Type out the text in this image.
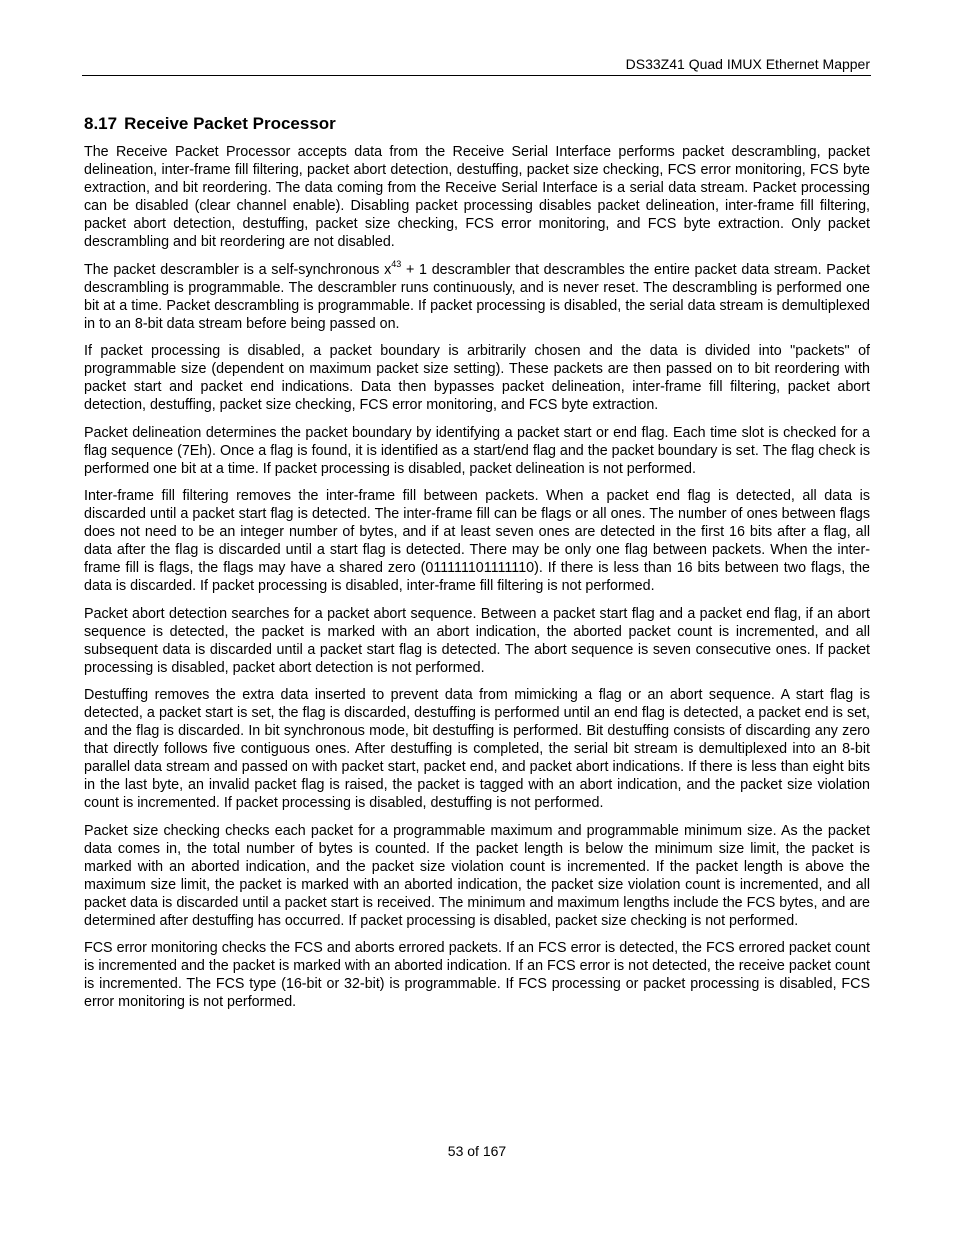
DS33Z41 Quad IMUX Ethernet Mapper
8.17 Receive Packet Processor

The Receive Packet Processor accepts data from the Receive Serial Interface performs packet descrambling, packet delineation, inter-frame fill filtering, packet abort detection, destuffing, packet size checking, FCS error monitoring, FCS byte extraction, and bit reordering. The data coming from the Receive Serial Interface is a serial data stream. Packet processing can be disabled (clear channel enable). Disabling packet processing disables packet delineation, inter-frame fill filtering, packet abort detection, destuffing, packet size checking, FCS error monitoring, and FCS byte extraction. Only packet descrambling and bit reordering are not disabled.

The packet descrambler is a self-synchronous $x^{43} + 1$ descrambler that descrambles the entire packet data stream. Packet descrambling is programmable. The descrambler runs continuously, and is never reset. The descrambling is performed one bit at a time. Packet descrambling is programmable. If packet processing is disabled, the serial data stream is demultiplexed in to an 8-bit data stream before being passed on.

If packet processing is disabled, a packet boundary is arbitrarily chosen and the data is divided into "packets" of programmable size (dependent on maximum packet size setting). These packets are then passed on to bit reordering with packet start and packet end indications. Data then bypasses packet delineation, inter-frame fill filtering, packet abort detection, destuffing, packet size checking, FCS error monitoring, and FCS byte extraction.

Packet delineation determines the packet boundary by identifying a packet start or end flag. Each time slot is checked for a flag sequence (7Eh). Once a flag is found, it is identified as a start/end flag and the packet boundary is set. The flag check is performed one bit at a time. If packet processing is disabled, packet delineation is not performed.

Inter-frame fill filtering removes the inter-frame fill between packets. When a packet end flag is detected, all data is discarded until a packet start flag is detected. The inter-frame fill can be flags or all ones. The number of ones between flags does not need to be an integer number of bytes, and if at least seven ones are detected in the first 16 bits after a flag, all data after the flag is discarded until a start flag is detected. There may be only one flag between packets. When the inter-frame fill is flags, the flags may have a shared zero (011111101111110). If there is less than 16 bits between two flags, the data is discarded. If packet processing is disabled, inter-frame fill filtering is not performed.

Packet abort detection searches for a packet abort sequence. Between a packet start flag and a packet end flag, if an abort sequence is detected, the packet is marked with an abort indication, the aborted packet count is incremented, and all subsequent data is discarded until a packet start flag is detected. The abort sequence is seven consecutive ones. If packet processing is disabled, packet abort detection is not performed.

Destuffing removes the extra data inserted to prevent data from mimicking a flag or an abort sequence. A start flag is detected, a packet start is set, the flag is discarded, destuffing is performed until an end flag is detected, a packet end is set, and the flag is discarded. In bit synchronous mode, bit destuffing is performed. Bit destuffing consists of discarding any zero that directly follows five contiguous ones. After destuffing is completed, the serial bit stream is demultiplexed into an 8-bit parallel data stream and passed on with packet start, packet end, and packet abort indications. If there is less than eight bits in the last byte, an invalid packet flag is raised, the packet is tagged with an abort indication, and the packet size violation count is incremented. If packet processing is disabled, destuffing is not performed.

Packet size checking checks each packet for a programmable maximum and programmable minimum size. As the packet data comes in, the total number of bytes is counted. If the packet length is below the minimum size limit, the packet is marked with an aborted indication, and the packet size violation count is incremented. If the packet length is above the maximum size limit, the packet is marked with an aborted indication, the packet size violation count is incremented, and all packet data is discarded until a packet start is received. The minimum and maximum lengths include the FCS bytes, and are determined after destuffing has occurred. If packet processing is disabled, packet size checking is not performed.

FCS error monitoring checks the FCS and aborts errored packets. If an FCS error is detected, the FCS errored packet count is incremented and the packet is marked with an aborted indication. If an FCS error is not detected, the receive packet count is incremented. The FCS type (16-bit or 32-bit) is programmable. If FCS processing or packet processing is disabled, FCS error monitoring is not performed.

53 of 167
